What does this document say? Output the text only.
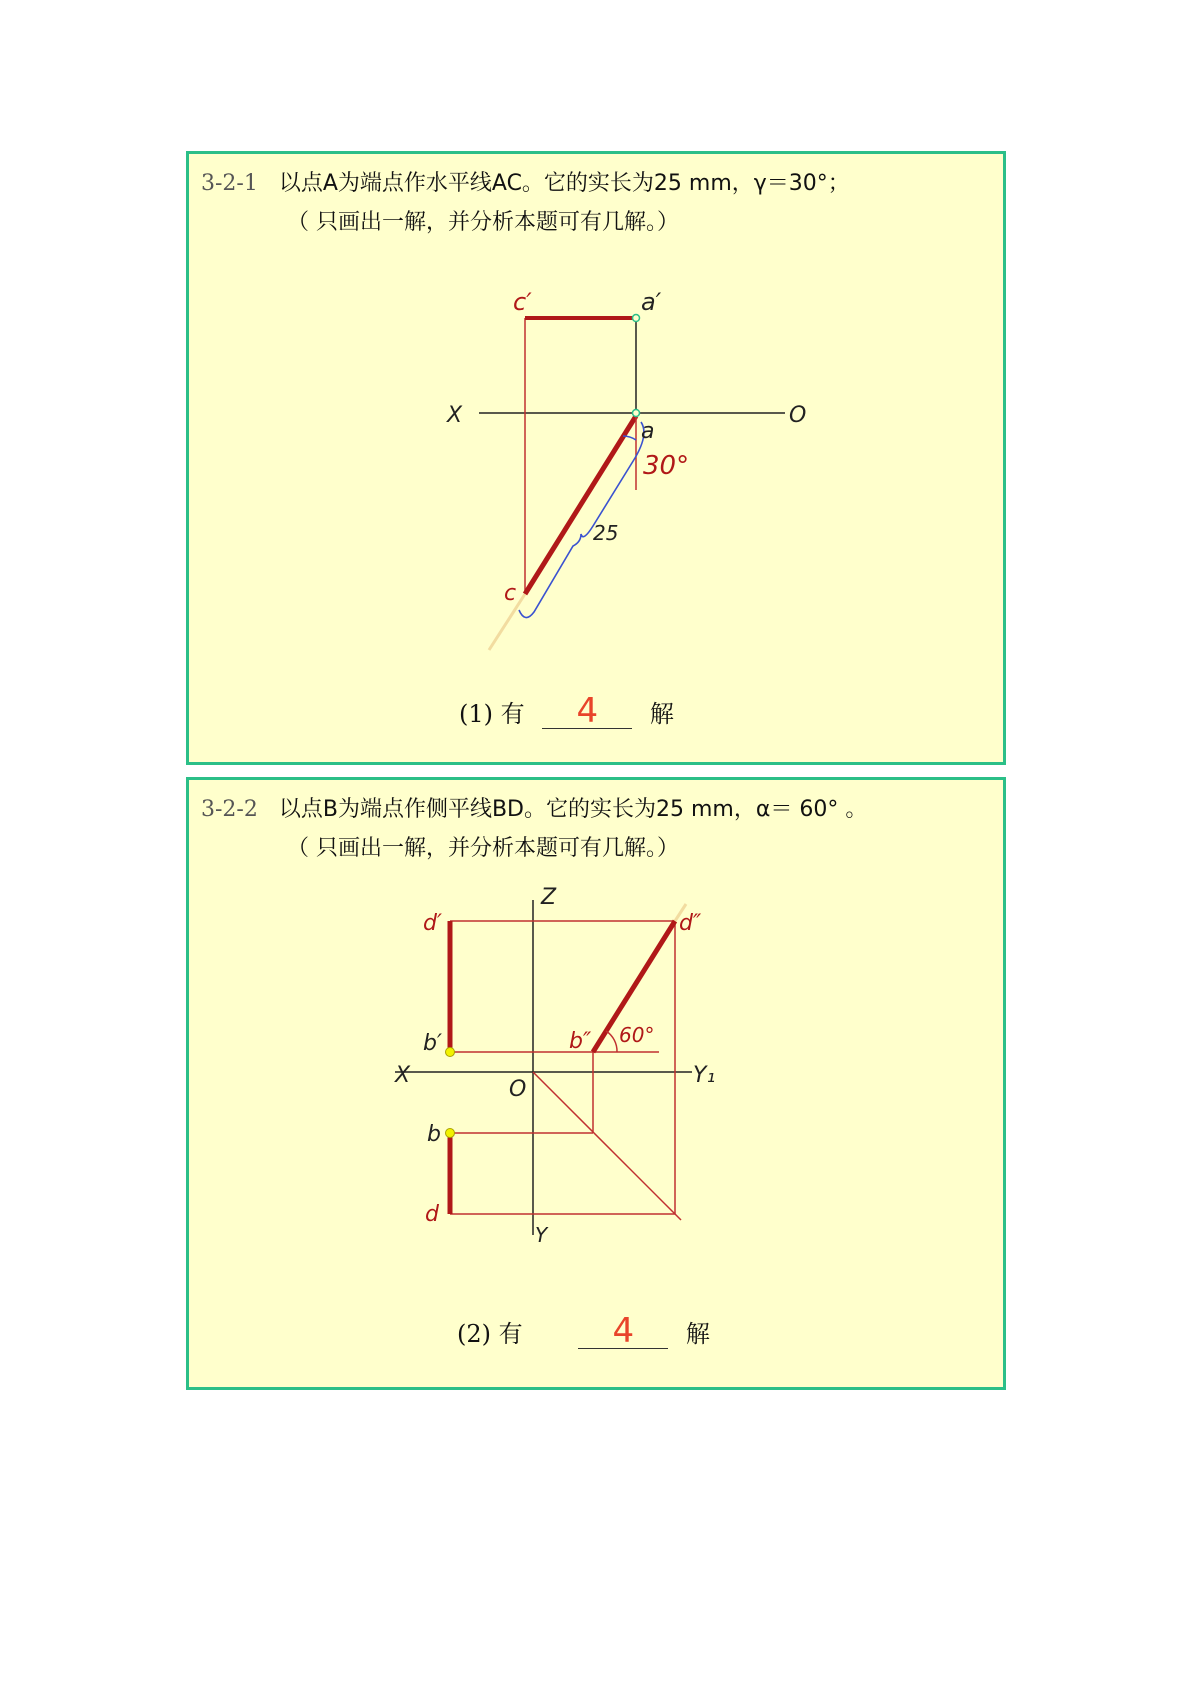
3-2-1 以点A为端点作水平线AC。它的实长为25 mm，γ＝30°；
（ 只画出一解，并分析本题可有几解。）
c′	a′
X	O
a
30°
25
c
(1) 有 4 解
3-2-2 以点B为端点作侧平线BD。它的实长为25 mm，α＝ 60° 。
（ 只画出一解，并分析本题可有几解。）
Z
d′	d″
b′	b″ 60°
X
O
Y₁
b
d
Y
(2) 有	4 解
